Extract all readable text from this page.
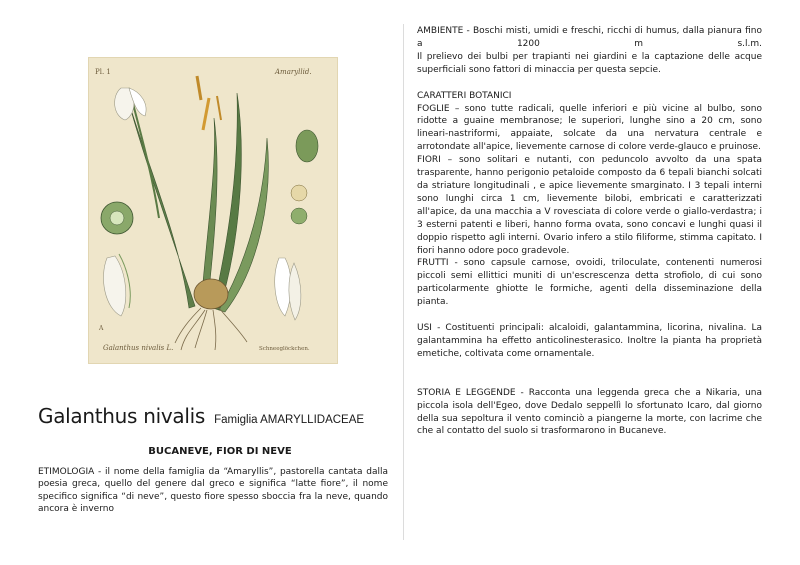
Pl. 1	Amaryllid.
A
Galanthus nivalis L.	Schneeglöckchen.
Galanthus nivalis Famiglia AMARYLLIDACEAE
BUCANEVE, FIOR DI NEVE

ETIMOLOGIA - il nome della famiglia da “Amaryllis”, pastorella cantata dalla poesia greca, quello del genere dal greco e significa “latte fiore”, il nome specifico significa “di neve”, questo fiore spesso sboccia fra la neve, quando ancora è inverno

AMBIENTE - Boschi misti, umidi e freschi, ricchi di humus, dalla pianura fino a 1200 m s.l.m.

Il prelievo dei bulbi per trapianti nei giardini e la captazione delle acque superficiali sono fattori di minaccia per questa sepcie.

CARATTERI BOTANICI

FOGLIE – sono tutte radicali, quelle inferiori e più vicine al bulbo, sono ridotte a guaine membranose; le superiori, lunghe sino a 20 cm, sono lineari-nastriformi, appaiate, solcate da una nervatura centrale e arrotondate all'apice, lievemente carnose di colore verde-glauco e pruinose.

FIORI – sono solitari e nutanti, con peduncolo avvolto da una spata trasparente, hanno perigonio petaloide composto da 6 tepali bianchi solcati da striature longitudinali , e apice lievemente smarginato. I 3 tepali interni sono lunghi circa 1 cm, lievemente bilobi, embricati e caratterizzati all'apice, da una macchia a V rovesciata di colore verde o giallo-verdastra; i 3 esterni patenti e liberi, hanno forma ovata, sono concavi e lunghi quasi il doppio rispetto agli interni. Ovario infero a stilo filiforme, stimma capitato. I fiori hanno odore poco gradevole.

FRUTTI - sono capsule carnose, ovoidi, triloculate, contenenti numerosi piccoli semi ellittici muniti di un'escrescenza detta strofiolo, di cui sono particolarmente ghiotte le formiche, agenti della disseminazione della pianta.

USI - Costituenti principali: alcaloidi, galantammina, licorina, nivalina. La galantammina ha effetto anticolinesterasico. Inoltre la pianta ha proprietà emetiche, coltivata come ornamentale.

STORIA E LEGGENDE - Racconta una leggenda greca che a Nikaria, una piccola isola dell'Egeo, dove Dedalo seppellì lo sfortunato Icaro, dal giorno della sua sepoltura il vento cominciò a piangerne la morte, con lacrime che che al contatto del suolo si trasformarono in Bucaneve.
